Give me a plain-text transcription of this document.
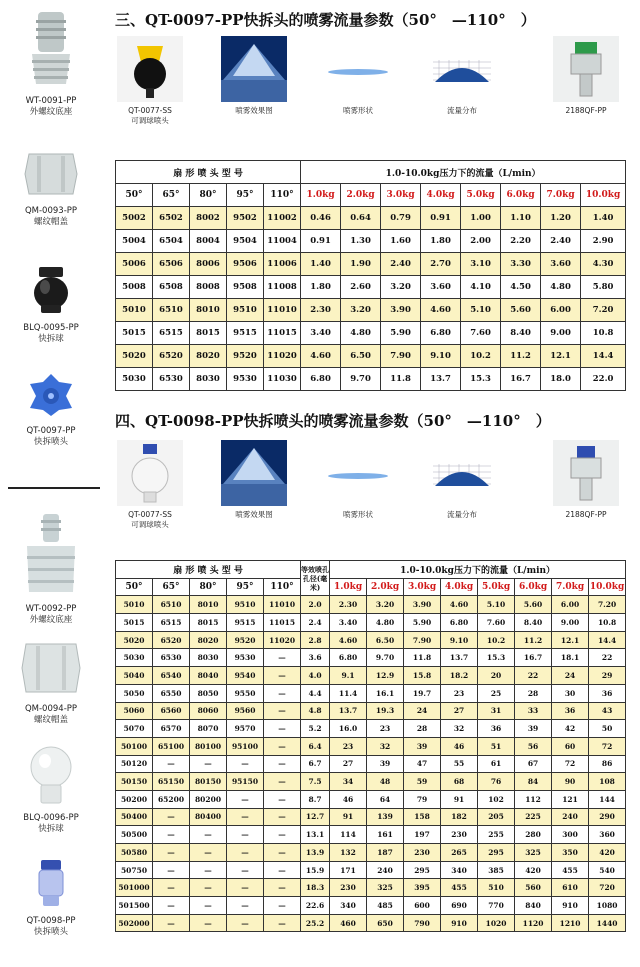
WT-0091-PP
外螺纹底座
QM-0093-PP
螺纹帽盖
BLQ-0095-PP
快拆球
QT-0097-PP
快拆喷头
WT-0092-PP
外螺纹底座
QM-0094-PP
螺纹帽盖
BLQ-0096-PP
快拆球
QT-0098-PP
快拆喷头
三、QT-0097-PP快拆头的喷雾流量参数（50°　—110°　）
QT-0077-SS
可调球喷头
喷雾效果图	喷雾形状	流量分布	2188QF-PP
扇 形 喷 头 型 号					1.0-10.0kg压力下的流量（L/min）							
50°	65°	80°	95°	110°	1.0kg	2.0kg	3.0kg	4.0kg	5.0kg	6.0kg	7.0kg	10.0kg
5002	6502	8002	9502	11002	0.46	0.64	0.79	0.91	1.00	1.10	1.20	1.40
5004	6504	8004	9504	11004	0.91	1.30	1.60	1.80	2.00	2.20	2.40	2.90
5006	6506	8006	9506	11006	1.40	1.90	2.40	2.70	3.10	3.30	3.60	4.30
5008	6508	8008	9508	11008	1.80	2.60	3.20	3.60	4.10	4.50	4.80	5.80
5010	6510	8010	9510	11010	2.30	3.20	3.90	4.60	5.10	5.60	6.00	7.20
5015	6515	8015	9515	11015	3.40	4.80	5.90	6.80	7.60	8.40	9.00	10.8
5020	6520	8020	9520	11020	4.60	6.50	7.90	9.10	10.2	11.2	12.1	14.4
5030	6530	8030	9530	11030	6.80	9.70	11.8	13.7	15.3	16.7	18.0	22.0
四、QT-0098-PP快拆喷头的喷雾流量参数（50°　—110°　）
QT-0077-SS
可调球喷头
喷雾效果图	喷雾形状	流量分布	2188QF-PP
扇 形 喷 头 型 号					等效喷孔孔径(毫米)	1.0-10.0kg压力下的流量（L/min）							
50°	65°	80°	95°	110°		1.0kg	2.0kg	3.0kg	4.0kg	5.0kg	6.0kg	7.0kg	10.0kg
5010	6510	8010	9510	11010	2.0	2.30	3.20	3.90	4.60	5.10	5.60	6.00	7.20
5015	6515	8015	9515	11015	2.4	3.40	4.80	5.90	6.80	7.60	8.40	9.00	10.8
5020	6520	8020	9520	11020	2.8	4.60	6.50	7.90	9.10	10.2	11.2	12.1	14.4
5030	6530	8030	9530	—	3.6	6.80	9.70	11.8	13.7	15.3	16.7	18.1	22
5040	6540	8040	9540	—	4.0	9.1	12.9	15.8	18.2	20	22	24	29
5050	6550	8050	9550	—	4.4	11.4	16.1	19.7	23	25	28	30	36
5060	6560	8060	9560	—	4.8	13.7	19.3	24	27	31	33	36	43
5070	6570	8070	9570	—	5.2	16.0	23	28	32	36	39	42	50
50100	65100	80100	95100	—	6.4	23	32	39	46	51	56	60	72
50120	—	—	—	—	6.7	27	39	47	55	61	67	72	86
50150	65150	80150	95150	—	7.5	34	48	59	68	76	84	90	108
50200	65200	80200	—	—	8.7	46	64	79	91	102	112	121	144
50400	—	80400	—	—	12.7	91	139	158	182	205	225	240	290
50500	—	—	—	—	13.1	114	161	197	230	255	280	300	360
50580	—	—	—	—	13.9	132	187	230	265	295	325	350	420
50750	—	—	—	—	15.9	171	240	295	340	385	420	455	540
501000	—	—	—	—	18.3	230	325	395	455	510	560	610	720
501500	—	—	—	—	22.6	340	485	600	690	770	840	910	1080
502000	—	—	—	—	25.2	460	650	790	910	1020	1120	1210	1440
